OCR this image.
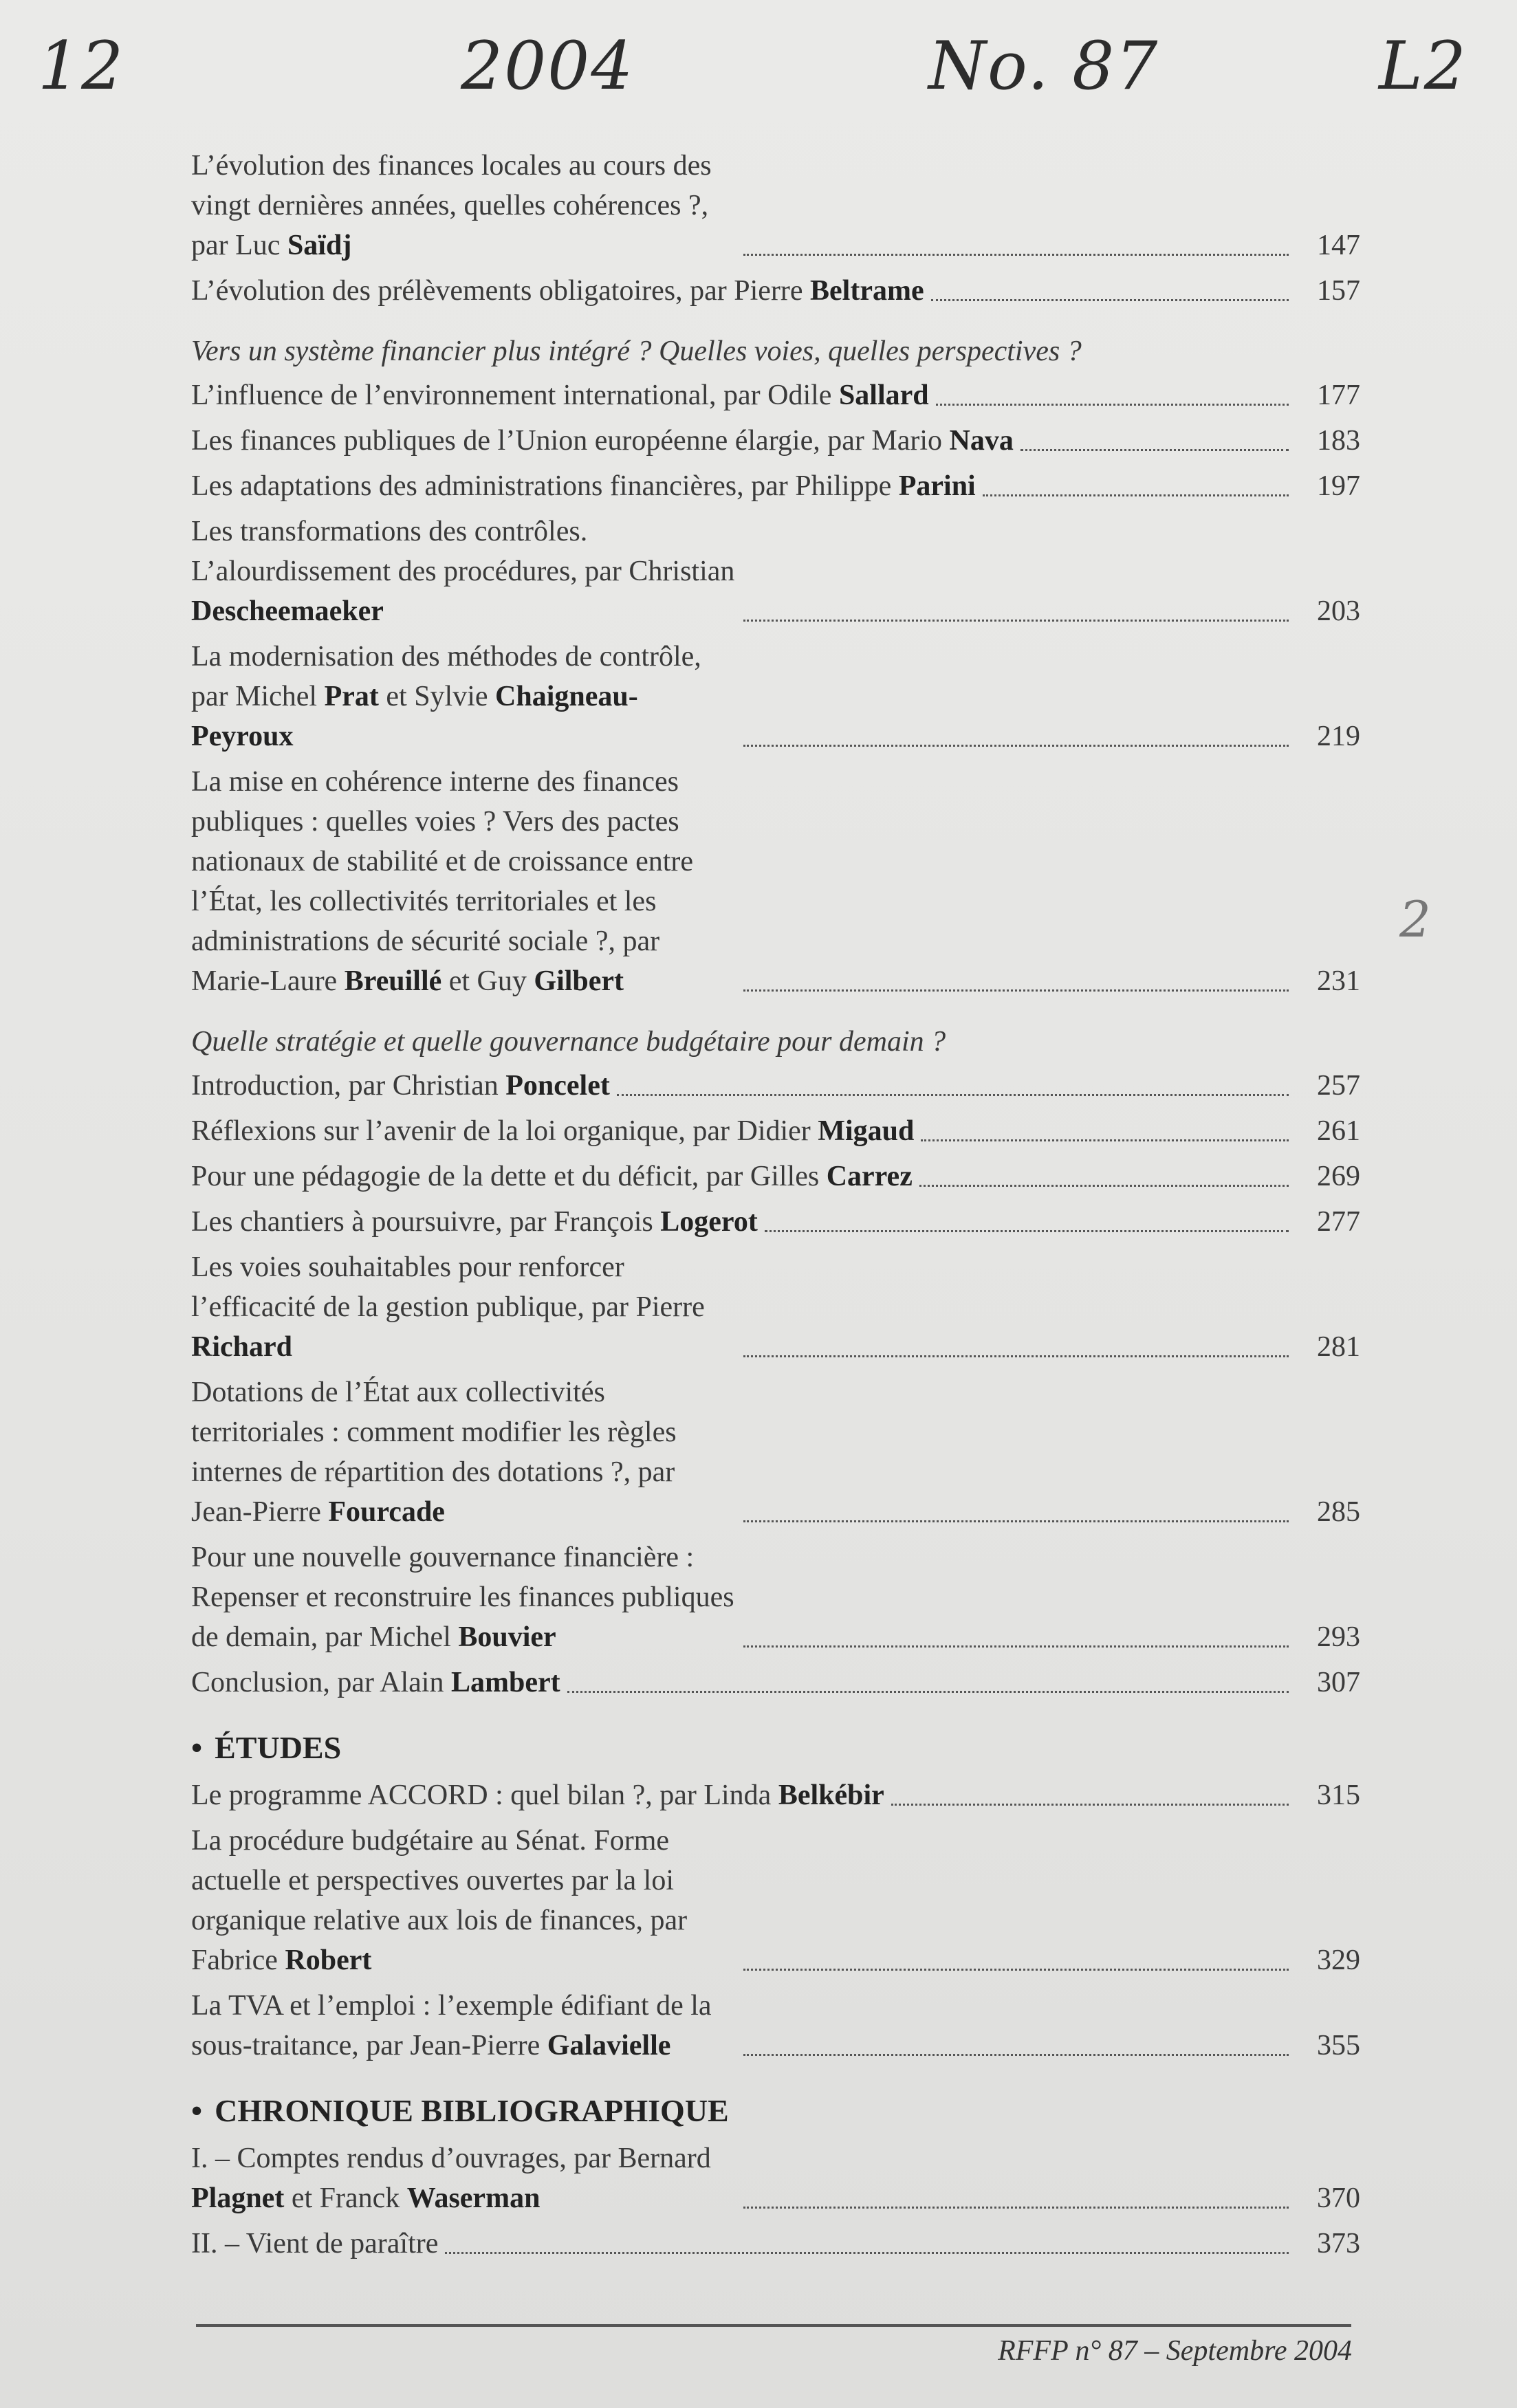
12	2004	No. 87	L2
2
L’évolution des finances locales au cours des vingt dernières années, quelles cohérences ?, par Luc Saïdj	147
L’évolution des prélèvements obligatoires, par Pierre Beltrame	157
Vers un système financier plus intégré ? Quelles voies, quelles perspectives ?
L’influence de l’environnement international, par Odile Sallard	177
Les finances publiques de l’Union européenne élargie, par Mario Nava	183
Les adaptations des administrations financières, par Philippe Parini	197
Les transformations des contrôles. L’alourdissement des procédures, par Christian Descheemaeker	203
La modernisation des méthodes de contrôle, par Michel Prat et Sylvie Chaigneau-Peyroux	219
La mise en cohérence interne des finances publiques : quelles voies ? Vers des pactes nationaux de stabilité et de croissance entre l’État, les collectivités territoriales et les administrations de sécurité sociale ?, par Marie-Laure Breuillé et Guy Gilbert	231
Quelle stratégie et quelle gouvernance budgétaire pour demain ?
Introduction, par Christian Poncelet	257
Réflexions sur l’avenir de la loi organique, par Didier Migaud	261
Pour une pédagogie de la dette et du déficit, par Gilles Carrez	269
Les chantiers à poursuivre, par François Logerot	277
Les voies souhaitables pour renforcer l’efficacité de la gestion publique, par Pierre Richard	281
Dotations de l’État aux collectivités territoriales : comment modifier les règles internes de répartition des dotations ?, par Jean-Pierre Fourcade	285
Pour une nouvelle gouvernance financière : Repenser et reconstruire les finances publiques de demain, par Michel Bouvier	293
Conclusion, par Alain Lambert	307
• ÉTUDES
Le programme ACCORD : quel bilan ?, par Linda Belkébir	315
La procédure budgétaire au Sénat. Forme actuelle et perspectives ouvertes par la loi organique relative aux lois de finances, par Fabrice Robert	329
La TVA et l’emploi : l’exemple édifiant de la sous-traitance, par Jean-Pierre Galavielle	355
• CHRONIQUE BIBLIOGRAPHIQUE
I. – Comptes rendus d’ouvrages, par Bernard Plagnet et Franck Waserman	370
II. – Vient de paraître	373
RFFP n° 87 – Septembre 2004
